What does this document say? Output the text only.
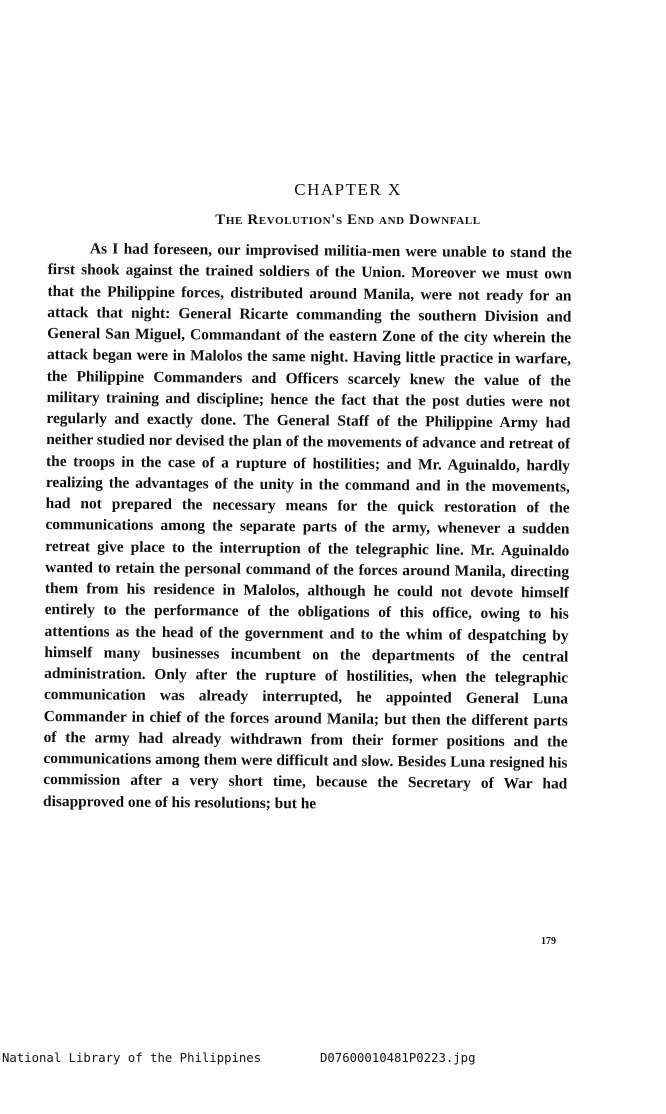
CHAPTER X
The Revolution's End and Downfall

As I had foreseen, our improvised militia-men were unable to stand the first shook against the trained soldiers of the Union. Moreover we must own that the Philippine forces, distributed around Manila, were not ready for an attack that night: General Ricarte commanding the southern Division and General San Miguel, Commandant of the eastern Zone of the city wherein the attack began were in Malolos the same night. Having little practice in warfare, the Philippine Commanders and Officers scarcely knew the value of the military training and discipline; hence the fact that the post duties were not regularly and exactly done. The General Staff of the Philippine Army had neither studied nor devised the plan of the movements of advance and retreat of the troops in the case of a rupture of hostilities; and Mr. Aguinaldo, hardly realizing the advantages of the unity in the command and in the movements, had not prepared the necessary means for the quick restoration of the communications among the separate parts of the army, whenever a sudden retreat give place to the interruption of the telegraphic line. Mr. Aguinaldo wanted to retain the personal command of the forces around Manila, directing them from his residence in Malolos, although he could not devote himself entirely to the performance of the obligations of this office, owing to his attentions as the head of the government and to the whim of despatching by himself many businesses incumbent on the departments of the central administration. Only after the rupture of hostilities, when the telegraphic communication was already interrupted, he appointed General Luna Commander in chief of the forces around Manila; but then the different parts of the army had already withdrawn from their former positions and the communications among them were difficult and slow. Besides Luna resigned his commission after a very short time, because the Secretary of War had disapproved one of his resolutions; but he

179

National Library of the Philippines

	D07600010481P0223.jpg
